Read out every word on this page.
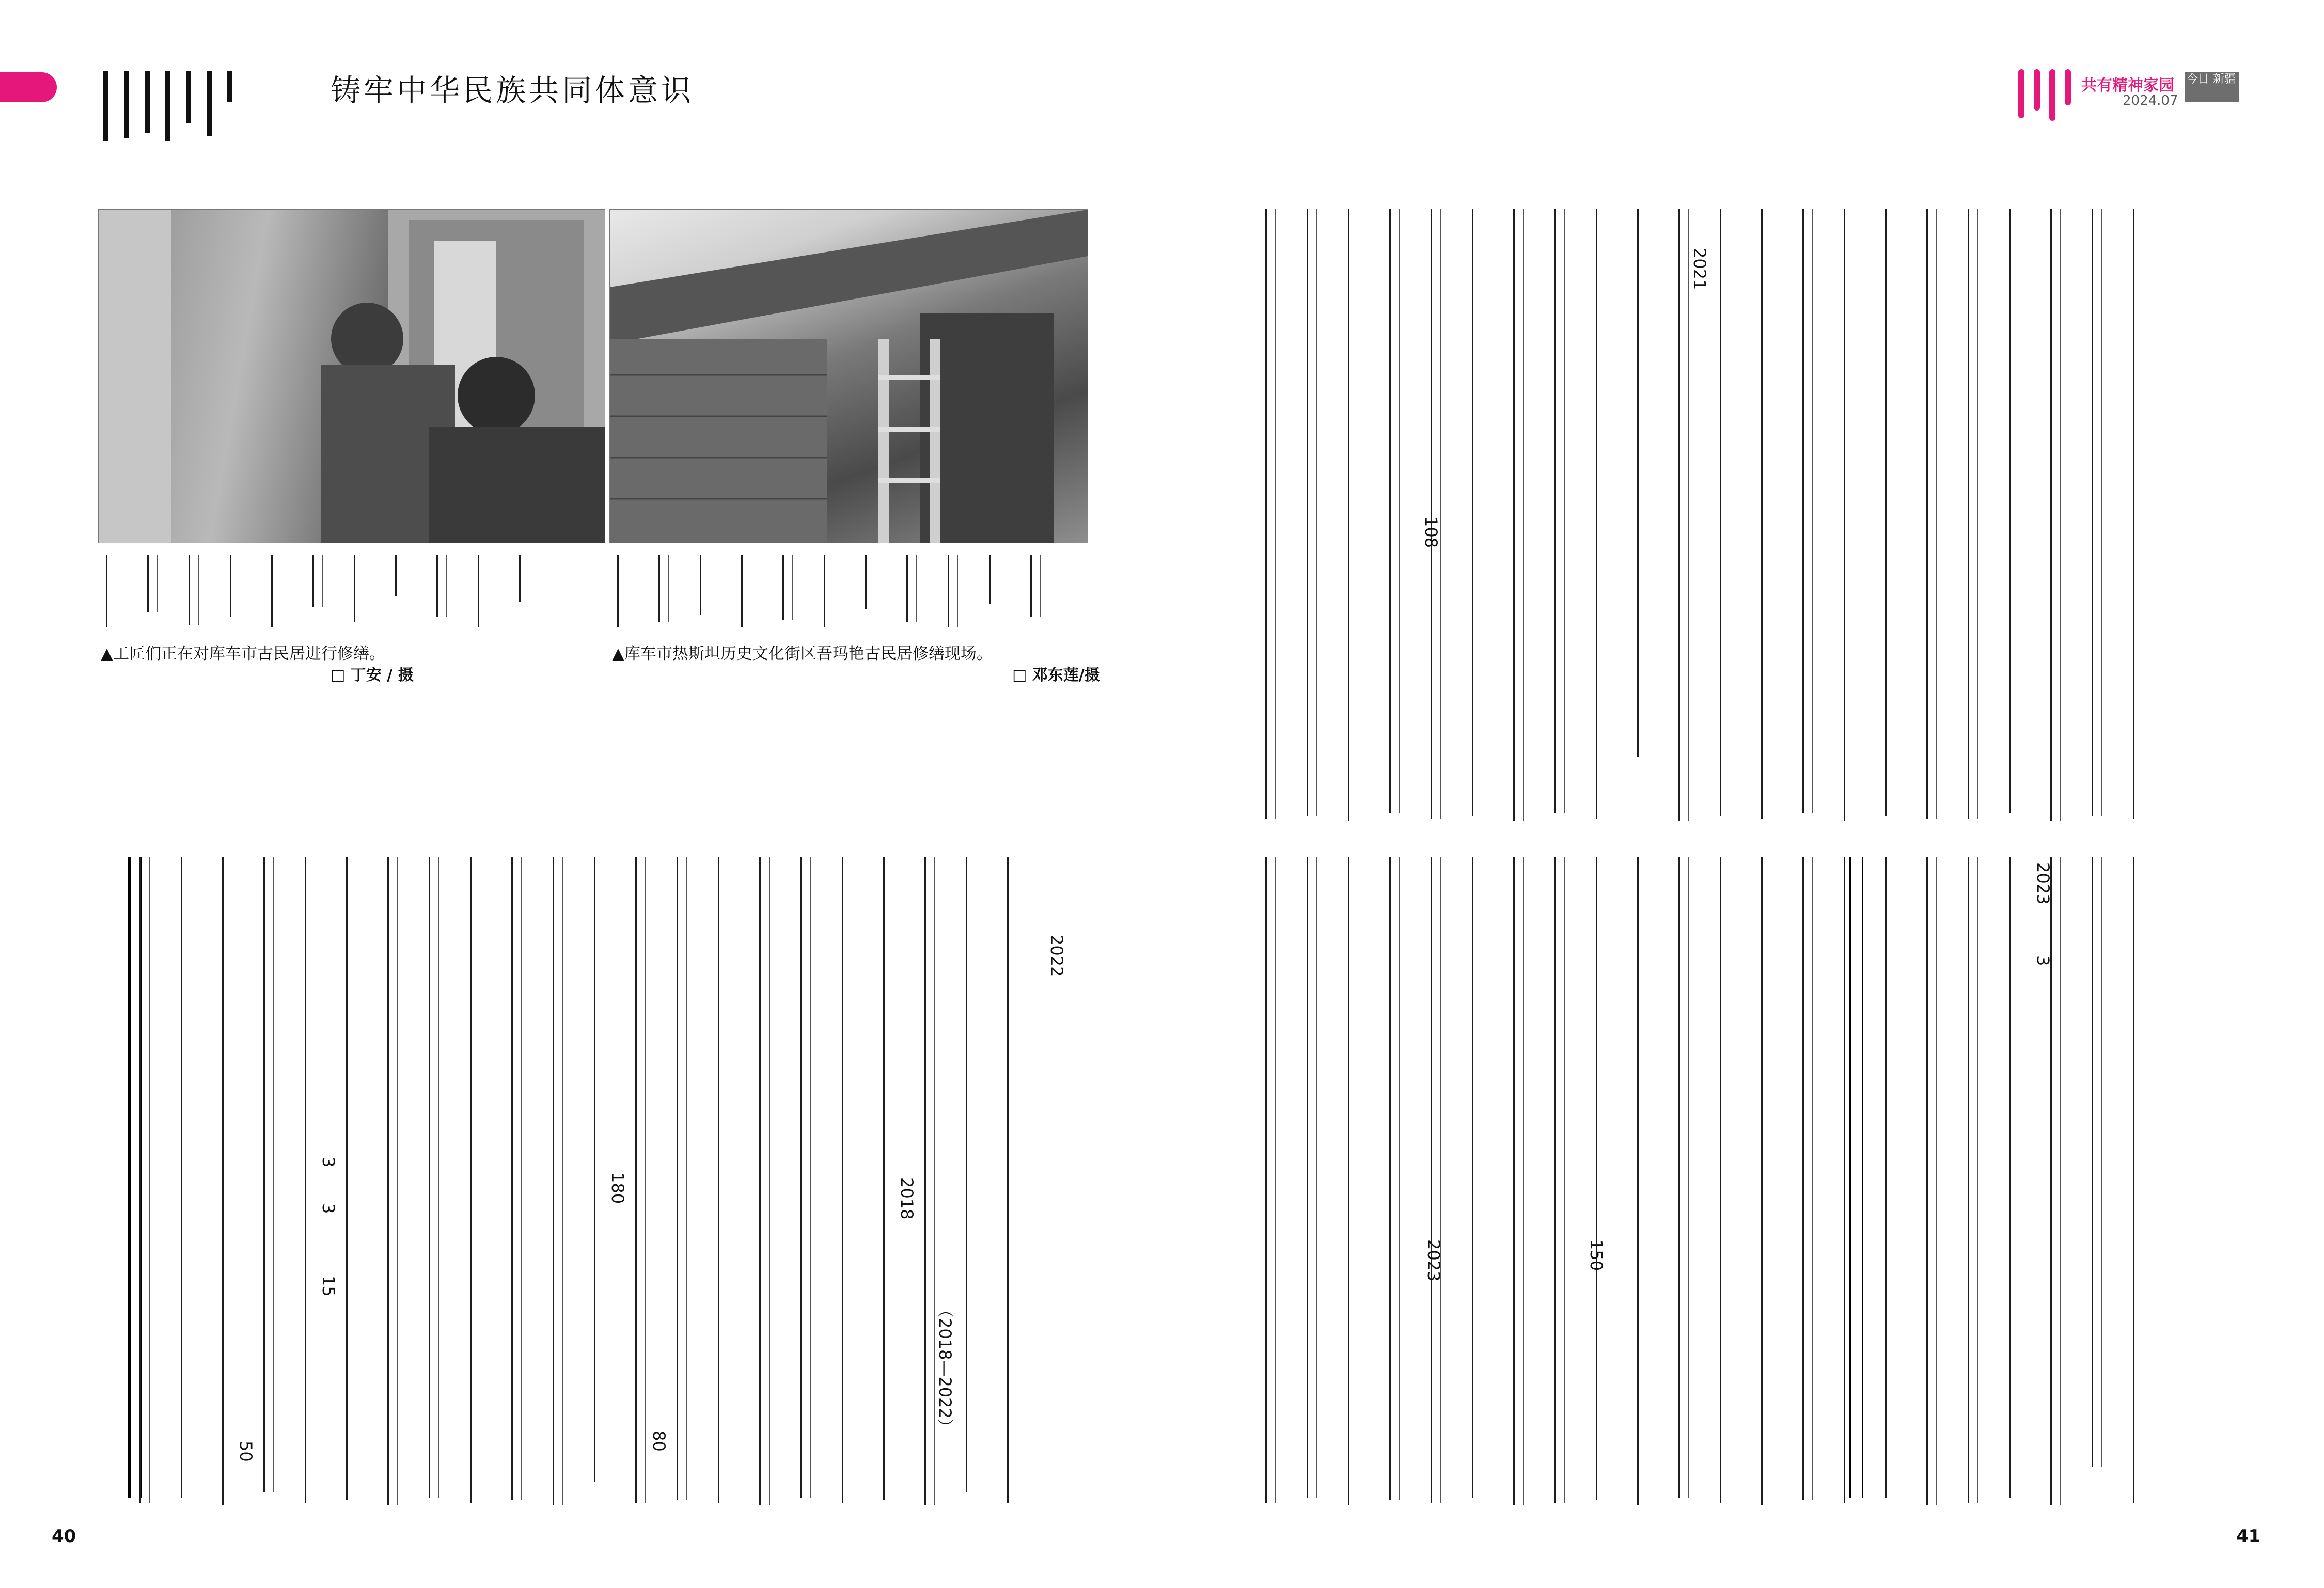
铸牢中华民族共同体意识	共有精神家园
2024.07
今日 新疆
▲工匠们正在对库车市古民居进行修缮。
□ 丁安 / 摄
▲库车市热斯坦历史文化街区吾玛艳古民居修缮现场。
□ 邓东莲/摄
2022
2018
（2018—2022）
180
80
3
3
15
50
108
2021
2023
3
150
2023
40	41
